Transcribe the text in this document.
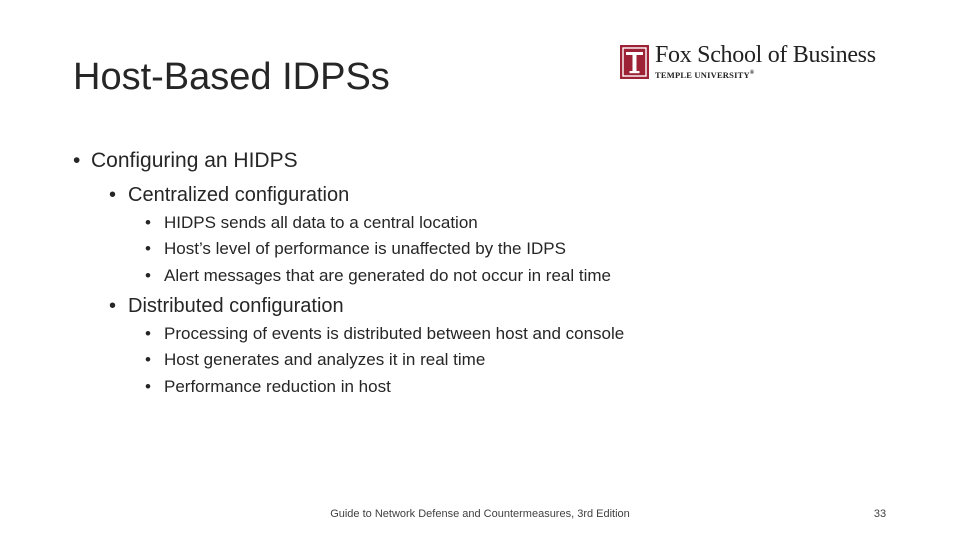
Host-Based IDPSs
Fox School of Business
TEMPLE UNIVERSITY®
• Configuring an HIDPS
• Centralized configuration
• HIDPS sends all data to a central location
• Host’s level of performance is unaffected by the IDPS
• Alert messages that are generated do not occur in real time
• Distributed configuration
• Processing of events is distributed between host and console
• Host generates and analyzes it in real time
• Performance reduction in host
Guide to Network Defense and Countermeasures, 3rd Edition	33
